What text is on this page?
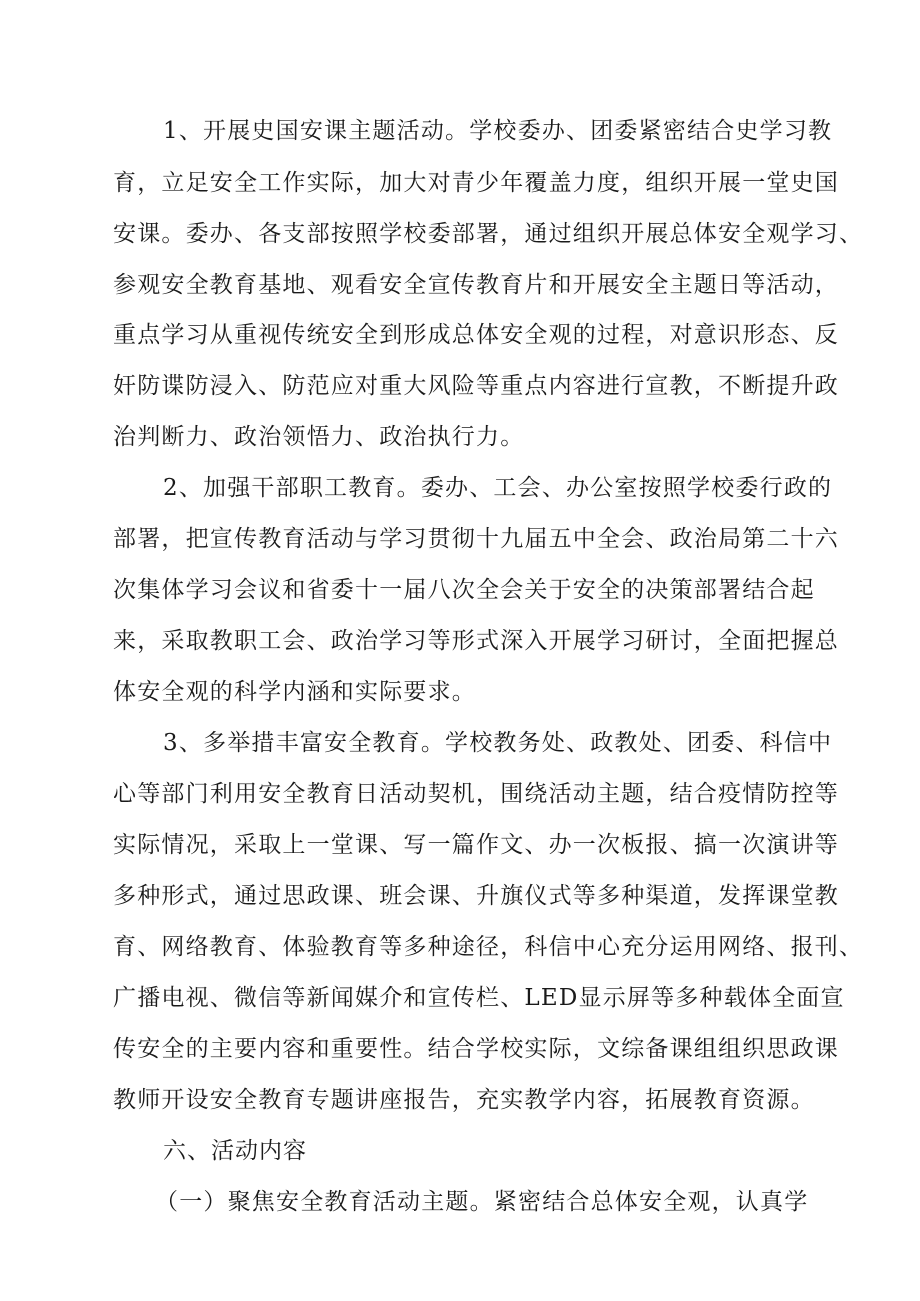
1、开展史国安课主题活动。学校委办、团委紧密结合史学习教
育，立足安全工作实际，加大对青少年覆盖力度，组织开展一堂史国
安课。委办、各支部按照学校委部署，通过组织开展总体安全观学习、
参观安全教育基地、观看安全宣传教育片和开展安全主题日等活动，
重点学习从重视传统安全到形成总体安全观的过程，对意识形态、反
奸防谍防浸入、防范应对重大风险等重点内容进行宣教，不断提升政
治判断力、政治领悟力、政治执行力。
2、加强干部职工教育。委办、工会、办公室按照学校委行政的
部署，把宣传教育活动与学习贯彻十九届五中全会、政治局第二十六
次集体学习会议和省委十一届八次全会关于安全的决策部署结合起
来，采取教职工会、政治学习等形式深入开展学习研讨，全面把握总
体安全观的科学内涵和实际要求。
3、多举措丰富安全教育。学校教务处、政教处、团委、科信中
心等部门利用安全教育日活动契机，围绕活动主题，结合疫情防控等
实际情况，采取上一堂课、写一篇作文、办一次板报、搞一次演讲等
多种形式，通过思政课、班会课、升旗仪式等多种渠道，发挥课堂教
育、网络教育、体验教育等多种途径，科信中心充分运用网络、报刊、
广播电视、微信等新闻媒介和宣传栏、LED显示屏等多种载体全面宣
传安全的主要内容和重要性。结合学校实际，文综备课组组织思政课
教师开设安全教育专题讲座报告，充实教学内容，拓展教育资源。
六、活动内容
（一）聚焦安全教育活动主题。紧密结合总体安全观，认真学
